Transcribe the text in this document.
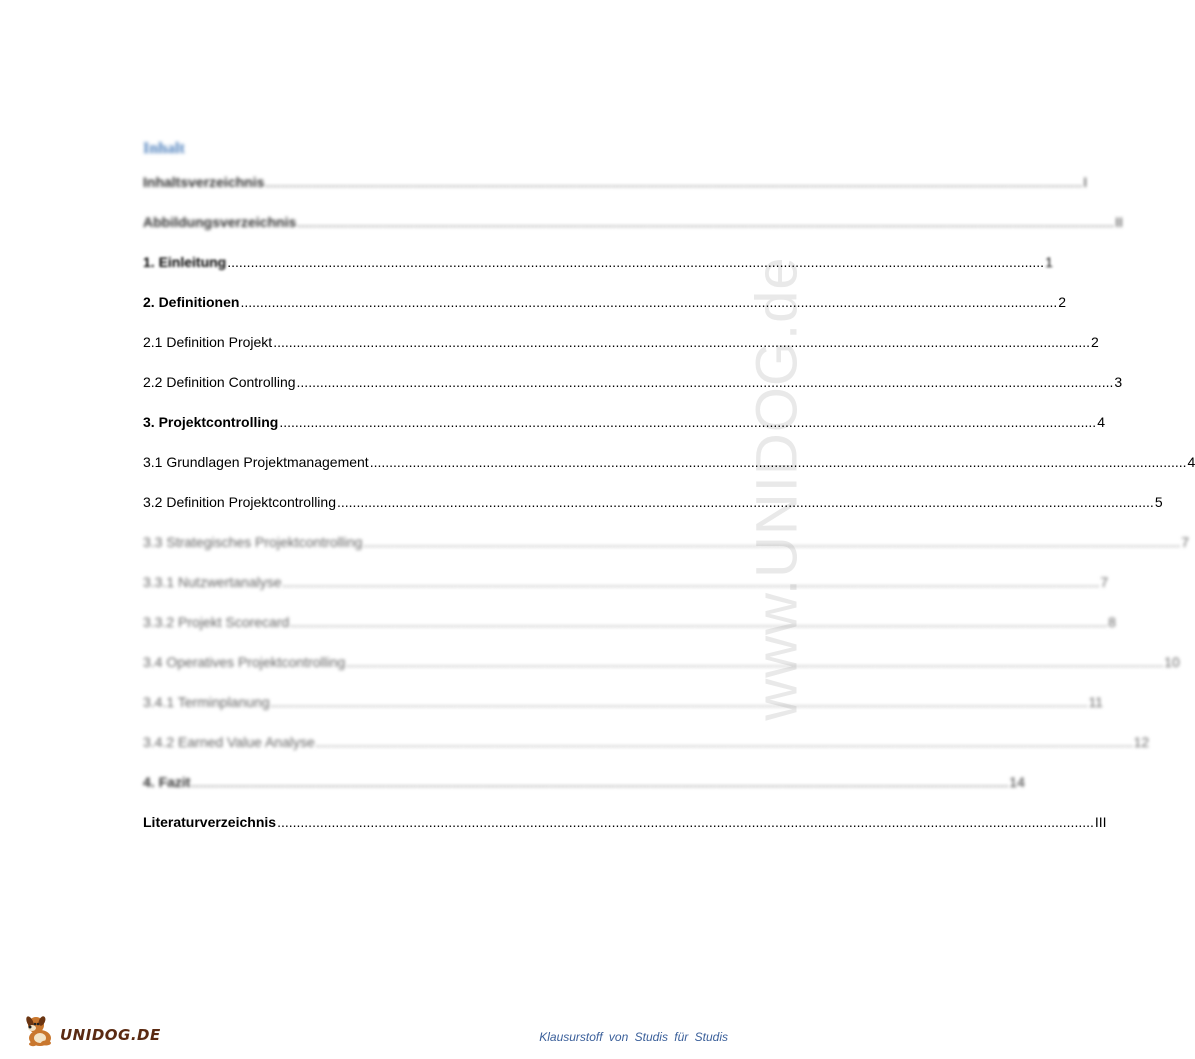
www.UNIDOG.de
Inhalt
Inhaltsverzeichnis .....	I
Abbildungsverzeichnis .....	II
1. Einleitung .....	1
2. Definitionen .....	2
2.1 Definition Projekt .....	2
2.2 Definition Controlling .....	3
3. Projektcontrolling .....	4
3.1 Grundlagen Projektmanagement .....	4
3.2 Definition Projektcontrolling .....	5
3.3 Strategisches Projektcontrolling .....	7
3.3.1 Nutzwertanalyse .....	7
3.3.2 Projekt Scorecard .....	8
3.4 Operatives Projektcontrolling .....	10
3.4.1 Terminplanung .....	11
3.4.2 Earned Value Analyse .....	12
4. Fazit .....	14
Literaturverzeichnis .....	III
UNIDOG.DE	Klausurstoff von Studis für Studis
